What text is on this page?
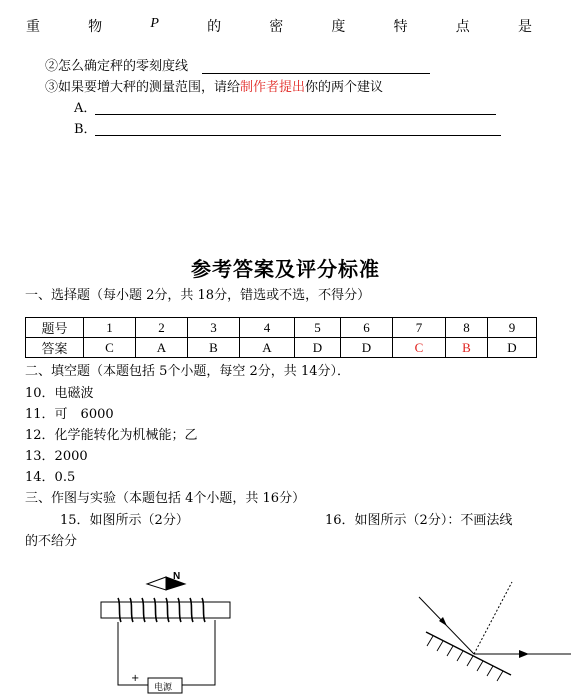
重	物	P	的	密	度	特	点	是
②怎么确定秤的零刻度线
③如果要增大秤的测量范围，请给制作者提出你的两个建议
A．
B．
参考答案及评分标准
一、选择题（每小题 2分，共 18分，错选或不选，不得分）
题号	1	2	3	4	5	6	7	8	9
答案	C	A	B	A	D	D	C	B	D
二、填空题（本题包括 5个小题，每空 2分，共 14分）．
10．电磁波
11．可　6000
12．化学能转化为机械能；乙
13．2000
14．0.5
三、作图与实验（本题包括 4个小题，共 16分）
15．如图所示（2分）	16．如图所示（2分）：不画法线
的不给分
N
电源
+
